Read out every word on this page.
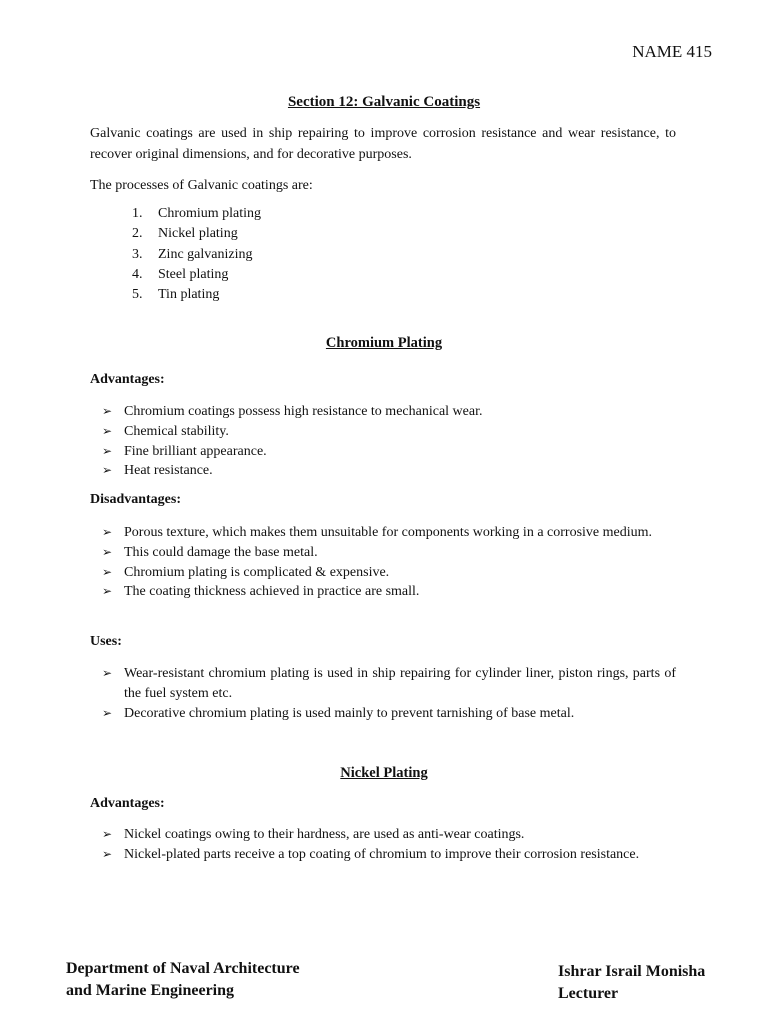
NAME 415
Section 12: Galvanic Coatings
Galvanic coatings are used in ship repairing to improve corrosion resistance and wear resistance, to recover original dimensions, and for decorative purposes.
The processes of Galvanic coatings are:
1.	Chromium plating
2.	Nickel plating
3.	Zinc galvanizing
4.	Steel plating
5.	Tin plating
Chromium Plating
Advantages:
➢ Chromium coatings possess high resistance to mechanical wear.
➢ Chemical stability.
➢ Fine brilliant appearance.
➢ Heat resistance.
Disadvantages:
➢ Porous texture, which makes them unsuitable for components working in a corrosive medium.
➢ This could damage the base metal.
➢ Chromium plating is complicated & expensive.
➢ The coating thickness achieved in practice are small.
Uses:
➢ Wear-resistant chromium plating is used in ship repairing for cylinder liner, piston rings, parts of the fuel system etc.
➢ Decorative chromium plating is used mainly to prevent tarnishing of base metal.
Nickel Plating
Advantages:
➢ Nickel coatings owing to their hardness, are used as anti-wear coatings.
➢ Nickel-plated parts receive a top coating of chromium to improve their corrosion resistance.
Department of Naval Architecture
and Marine Engineering
Ishrar Israil Monisha
Lecturer
